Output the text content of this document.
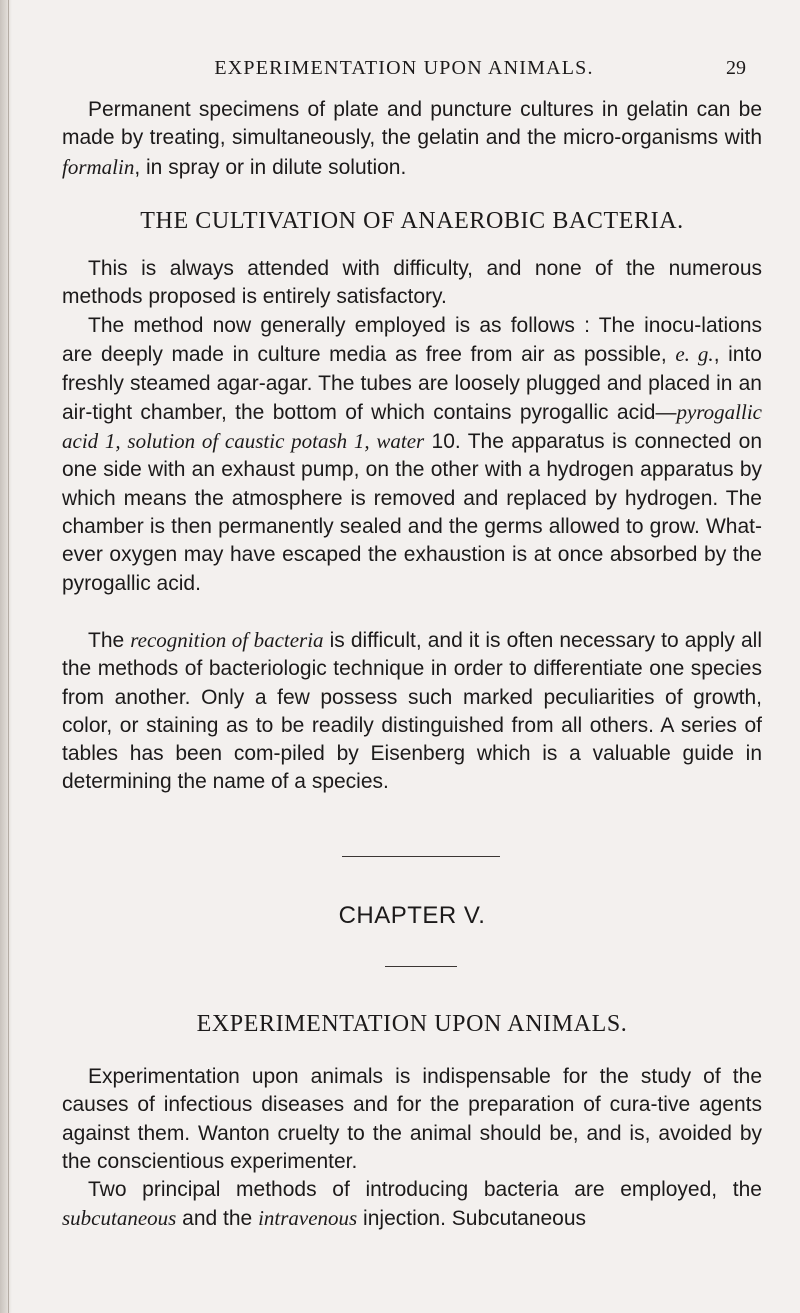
EXPERIMENTATION UPON ANIMALS.	29

Permanent specimens of plate and puncture cultures in gelatin can be made by treating, simultaneously, the gelatin and the micro-organisms with formalin, in spray or in dilute solution.

THE CULTIVATION OF ANAEROBIC BACTERIA.

This is always attended with difficulty, and none of the numerous methods proposed is entirely satisfactory.

The method now generally employed is as follows : The inocu-lations are deeply made in culture media as free from air as possible, e. g., into freshly steamed agar-agar. The tubes are loosely plugged and placed in an air-tight chamber, the bottom of which contains pyrogallic acid—pyrogallic acid 1, solution of caustic potash 1, water 10. The apparatus is connected on one side with an exhaust pump, on the other with a hydrogen apparatus by which means the atmosphere is removed and replaced by hydrogen. The chamber is then permanently sealed and the germs allowed to grow. What-ever oxygen may have escaped the exhaustion is at once absorbed by the pyrogallic acid.

The recognition of bacteria is difficult, and it is often necessary to apply all the methods of bacteriologic technique in order to differentiate one species from another. Only a few possess such marked peculiarities of growth, color, or staining as to be readily distinguished from all others. A series of tables has been com-piled by Eisenberg which is a valuable guide in determining the name of a species.

CHAPTER V.
EXPERIMENTATION UPON ANIMALS.

Experimentation upon animals is indispensable for the study of the causes of infectious diseases and for the preparation of cura-tive agents against them. Wanton cruelty to the animal should be, and is, avoided by the conscientious experimenter.

Two principal methods of introducing bacteria are employed, the subcutaneous and the intravenous injection. Subcutaneous
